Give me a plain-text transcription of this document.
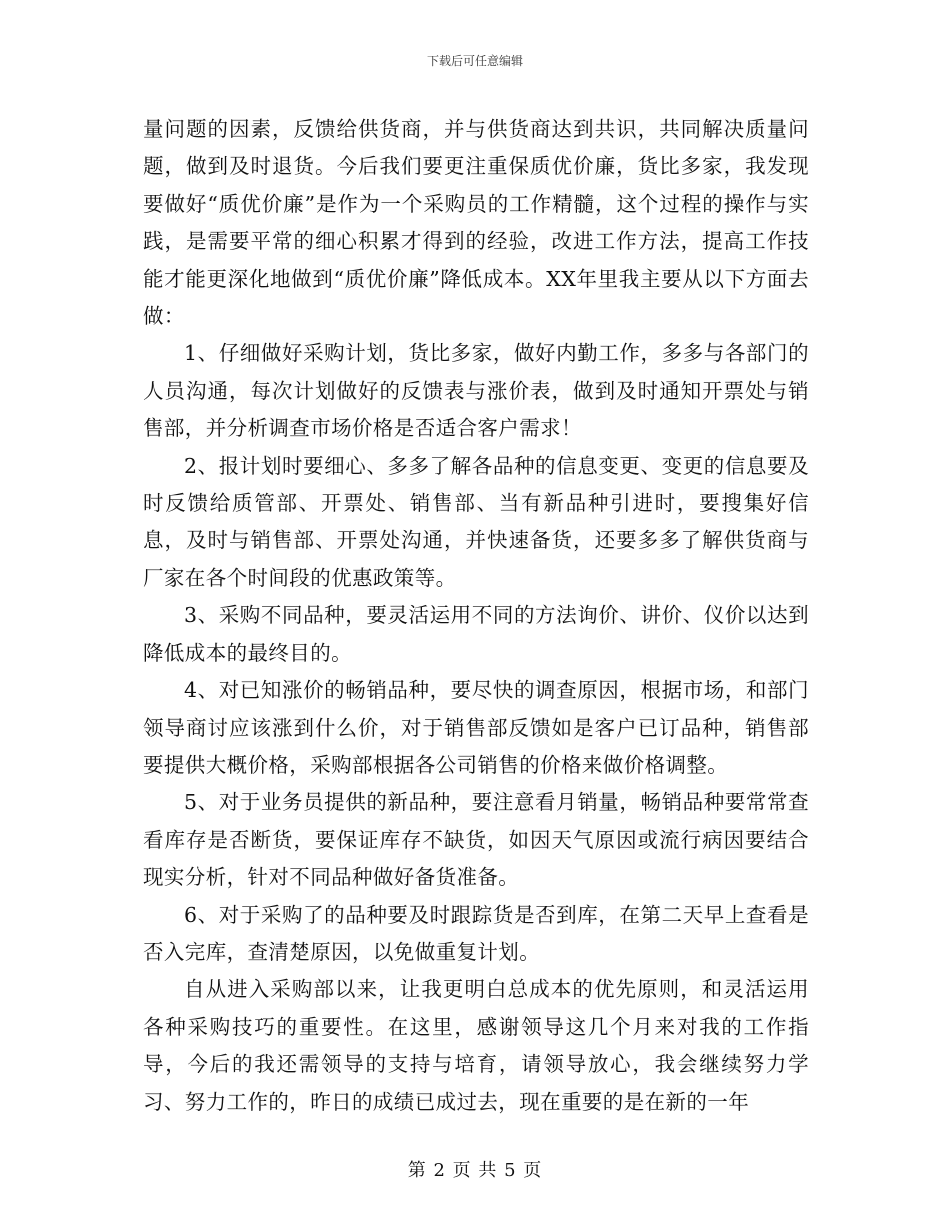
下载后可任意编辑

量问题的因素，反馈给供货商，并与供货商达到共识，共同解决质量问题，做到及时退货。今后我们要更注重保质优价廉，货比多家，我发现要做好“质优价廉”是作为一个采购员的工作精髓，这个过程的操作与实践，是需要平常的细心积累才得到的经验，改进工作方法，提高工作技能才能更深化地做到“质优价廉”降低成本。XX年里我主要从以下方面去做：

1、仔细做好采购计划，货比多家，做好内勤工作，多多与各部门的人员沟通，每次计划做好的反馈表与涨价表，做到及时通知开票处与销售部，并分析调查市场价格是否适合客户需求！

2、报计划时要细心、多多了解各品种的信息变更、变更的信息要及时反馈给质管部、开票处、销售部、当有新品种引进时，要搜集好信息，及时与销售部、开票处沟通，并快速备货，还要多多了解供货商与厂家在各个时间段的优惠政策等。

3、采购不同品种，要灵活运用不同的方法询价、讲价、仪价以达到降低成本的最终目的。

4、对已知涨价的畅销品种，要尽快的调查原因，根据市场，和部门领导商讨应该涨到什么价，对于销售部反馈如是客户已订品种，销售部要提供大概价格，采购部根据各公司销售的价格来做价格调整。

5、对于业务员提供的新品种，要注意看月销量，畅销品种要常常查看库存是否断货，要保证库存不缺货，如因天气原因或流行病因要结合现实分析，针对不同品种做好备货准备。

6、对于采购了的品种要及时跟踪货是否到库，在第二天早上查看是否入完库，查清楚原因，以免做重复计划。

自从进入采购部以来，让我更明白总成本的优先原则，和灵活运用各种采购技巧的重要性。在这里，感谢领导这几个月来对我的工作指导，今后的我还需领导的支持与培育，请领导放心，我会继续努力学习、努力工作的，昨日的成绩已成过去，现在重要的是在新的一年

第 2 页 共 5 页
